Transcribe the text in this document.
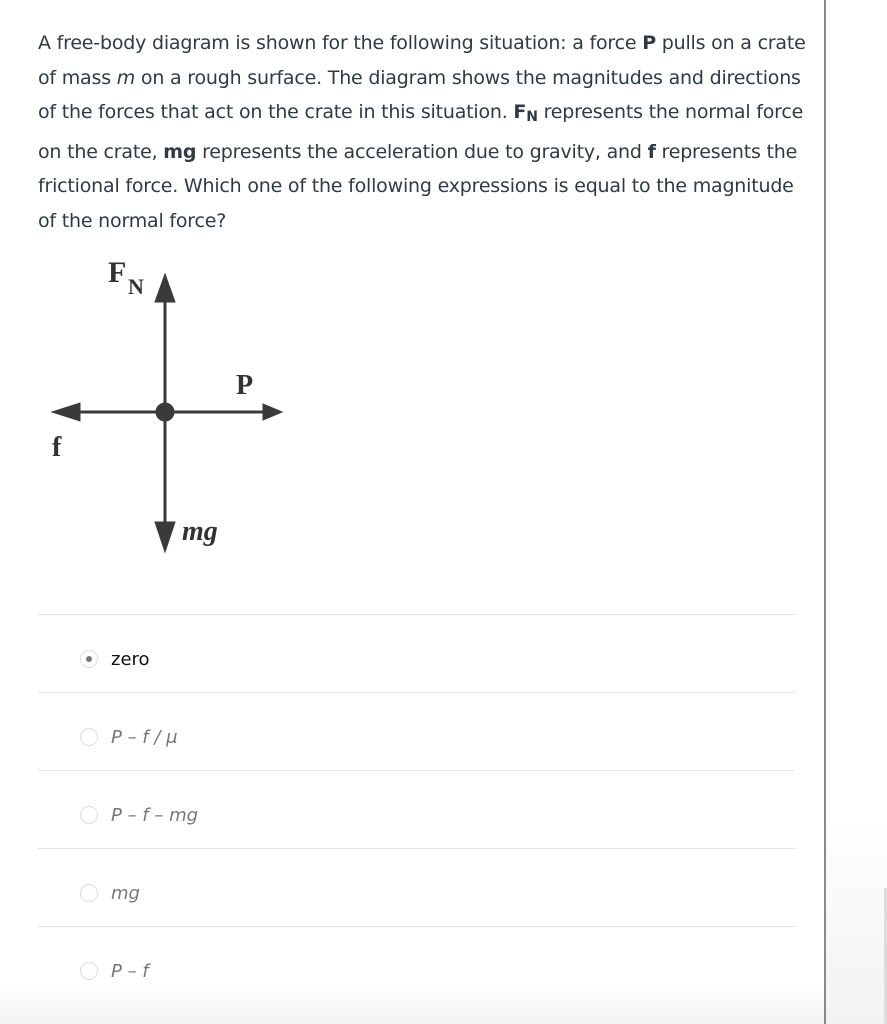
A free-body diagram is shown for the following situation: a force P pulls on a crate of mass m on a rough surface. The diagram shows the magnitudes and directions of the forces that act on the crate in this situation. $F_N$ represents the normal force on the crate, mg represents the acceleration due to gravity, and f represents the frictional force. Which one of the following expressions is equal to the magnitude of the normal force?
F N
P
f
mg
zero
P – f / μ
P – f – mg
mg
P – f
